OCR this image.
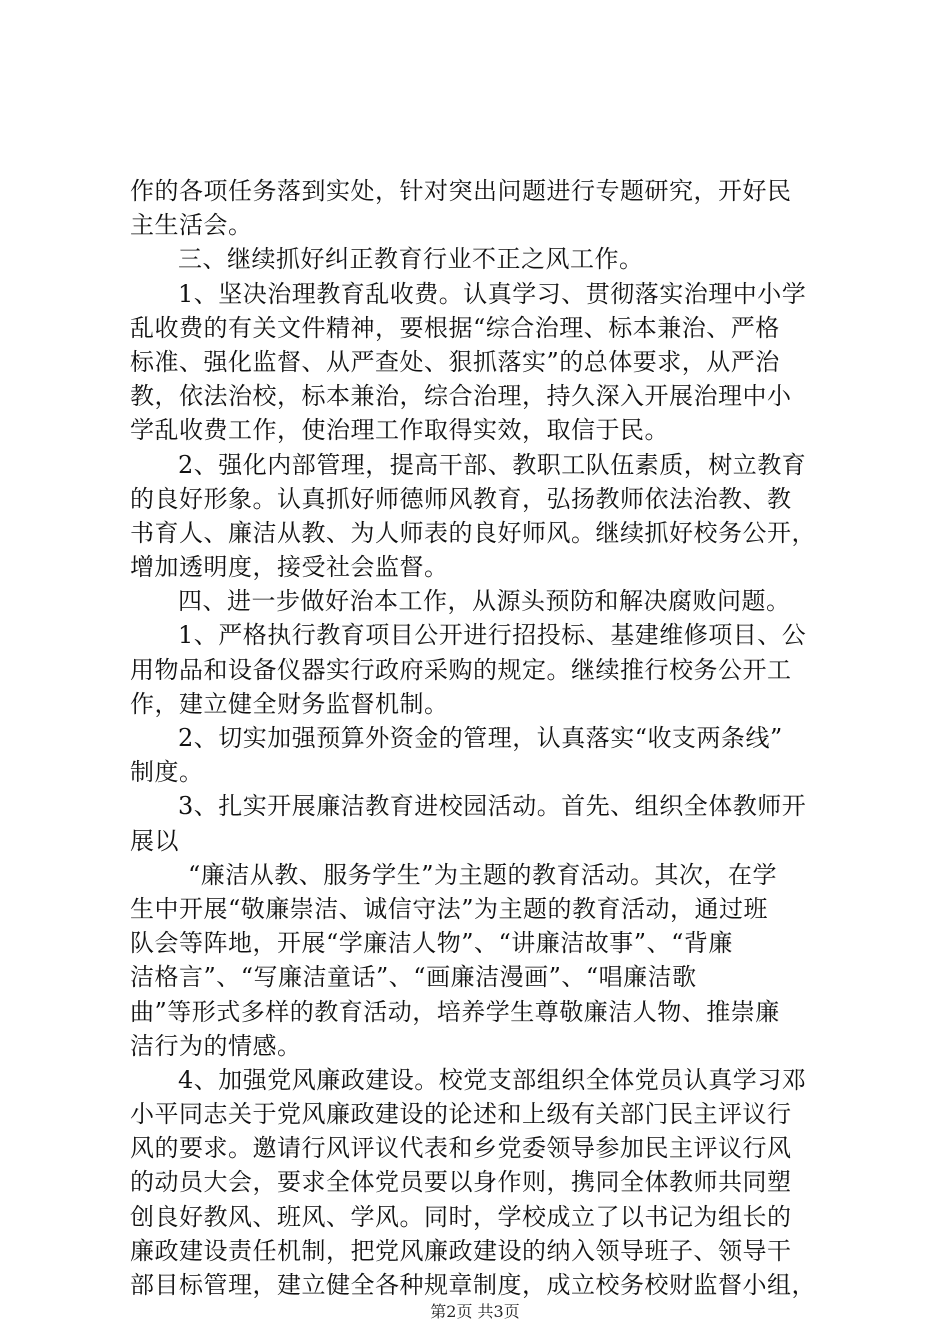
作的各项任务落到实处，针对突出问题进行专题研究，开好民
主生活会。
三、继续抓好纠正教育行业不正之风工作。
1、坚决治理教育乱收费。认真学习、贯彻落实治理中小学
乱收费的有关文件精神，要根据“综合治理、标本兼治、严格
标准、强化监督、从严查处、狠抓落实”的总体要求，从严治
教，依法治校，标本兼治，综合治理，持久深入开展治理中小
学乱收费工作，使治理工作取得实效，取信于民。
2、强化内部管理，提高干部、教职工队伍素质，树立教育
的良好形象。认真抓好师德师风教育，弘扬教师依法治教、教
书育人、廉洁从教、为人师表的良好师风。继续抓好校务公开，
增加透明度，接受社会监督。
四、进一步做好治本工作，从源头预防和解决腐败问题。
1、严格执行教育项目公开进行招投标、基建维修项目、公
用物品和设备仪器实行政府采购的规定。继续推行校务公开工
作，建立健全财务监督机制。
2、切实加强预算外资金的管理，认真落实“收支两条线”
制度。
3、扎实开展廉洁教育进校园活动。首先、组织全体教师开
展以
“廉洁从教、服务学生”为主题的教育活动。其次，在学
生中开展“敬廉崇洁、诚信守法”为主题的教育活动，通过班
队会等阵地，开展“学廉洁人物”、“讲廉洁故事”、“背廉
洁格言”、“写廉洁童话”、“画廉洁漫画”、“唱廉洁歌
曲”等形式多样的教育活动，培养学生尊敬廉洁人物、推崇廉
洁行为的情感。
4、加强党风廉政建设。校党支部组织全体党员认真学习邓
小平同志关于党风廉政建设的论述和上级有关部门民主评议行
风的要求。邀请行风评议代表和乡党委领导参加民主评议行风
的动员大会，要求全体党员要以身作则，携同全体教师共同塑
创良好教风、班风、学风。同时，学校成立了以书记为组长的
廉政建设责任机制，把党风廉政建设的纳入领导班子、领导干
部目标管理，建立健全各种规章制度，成立校务校财监督小组，
第2页 共3页
